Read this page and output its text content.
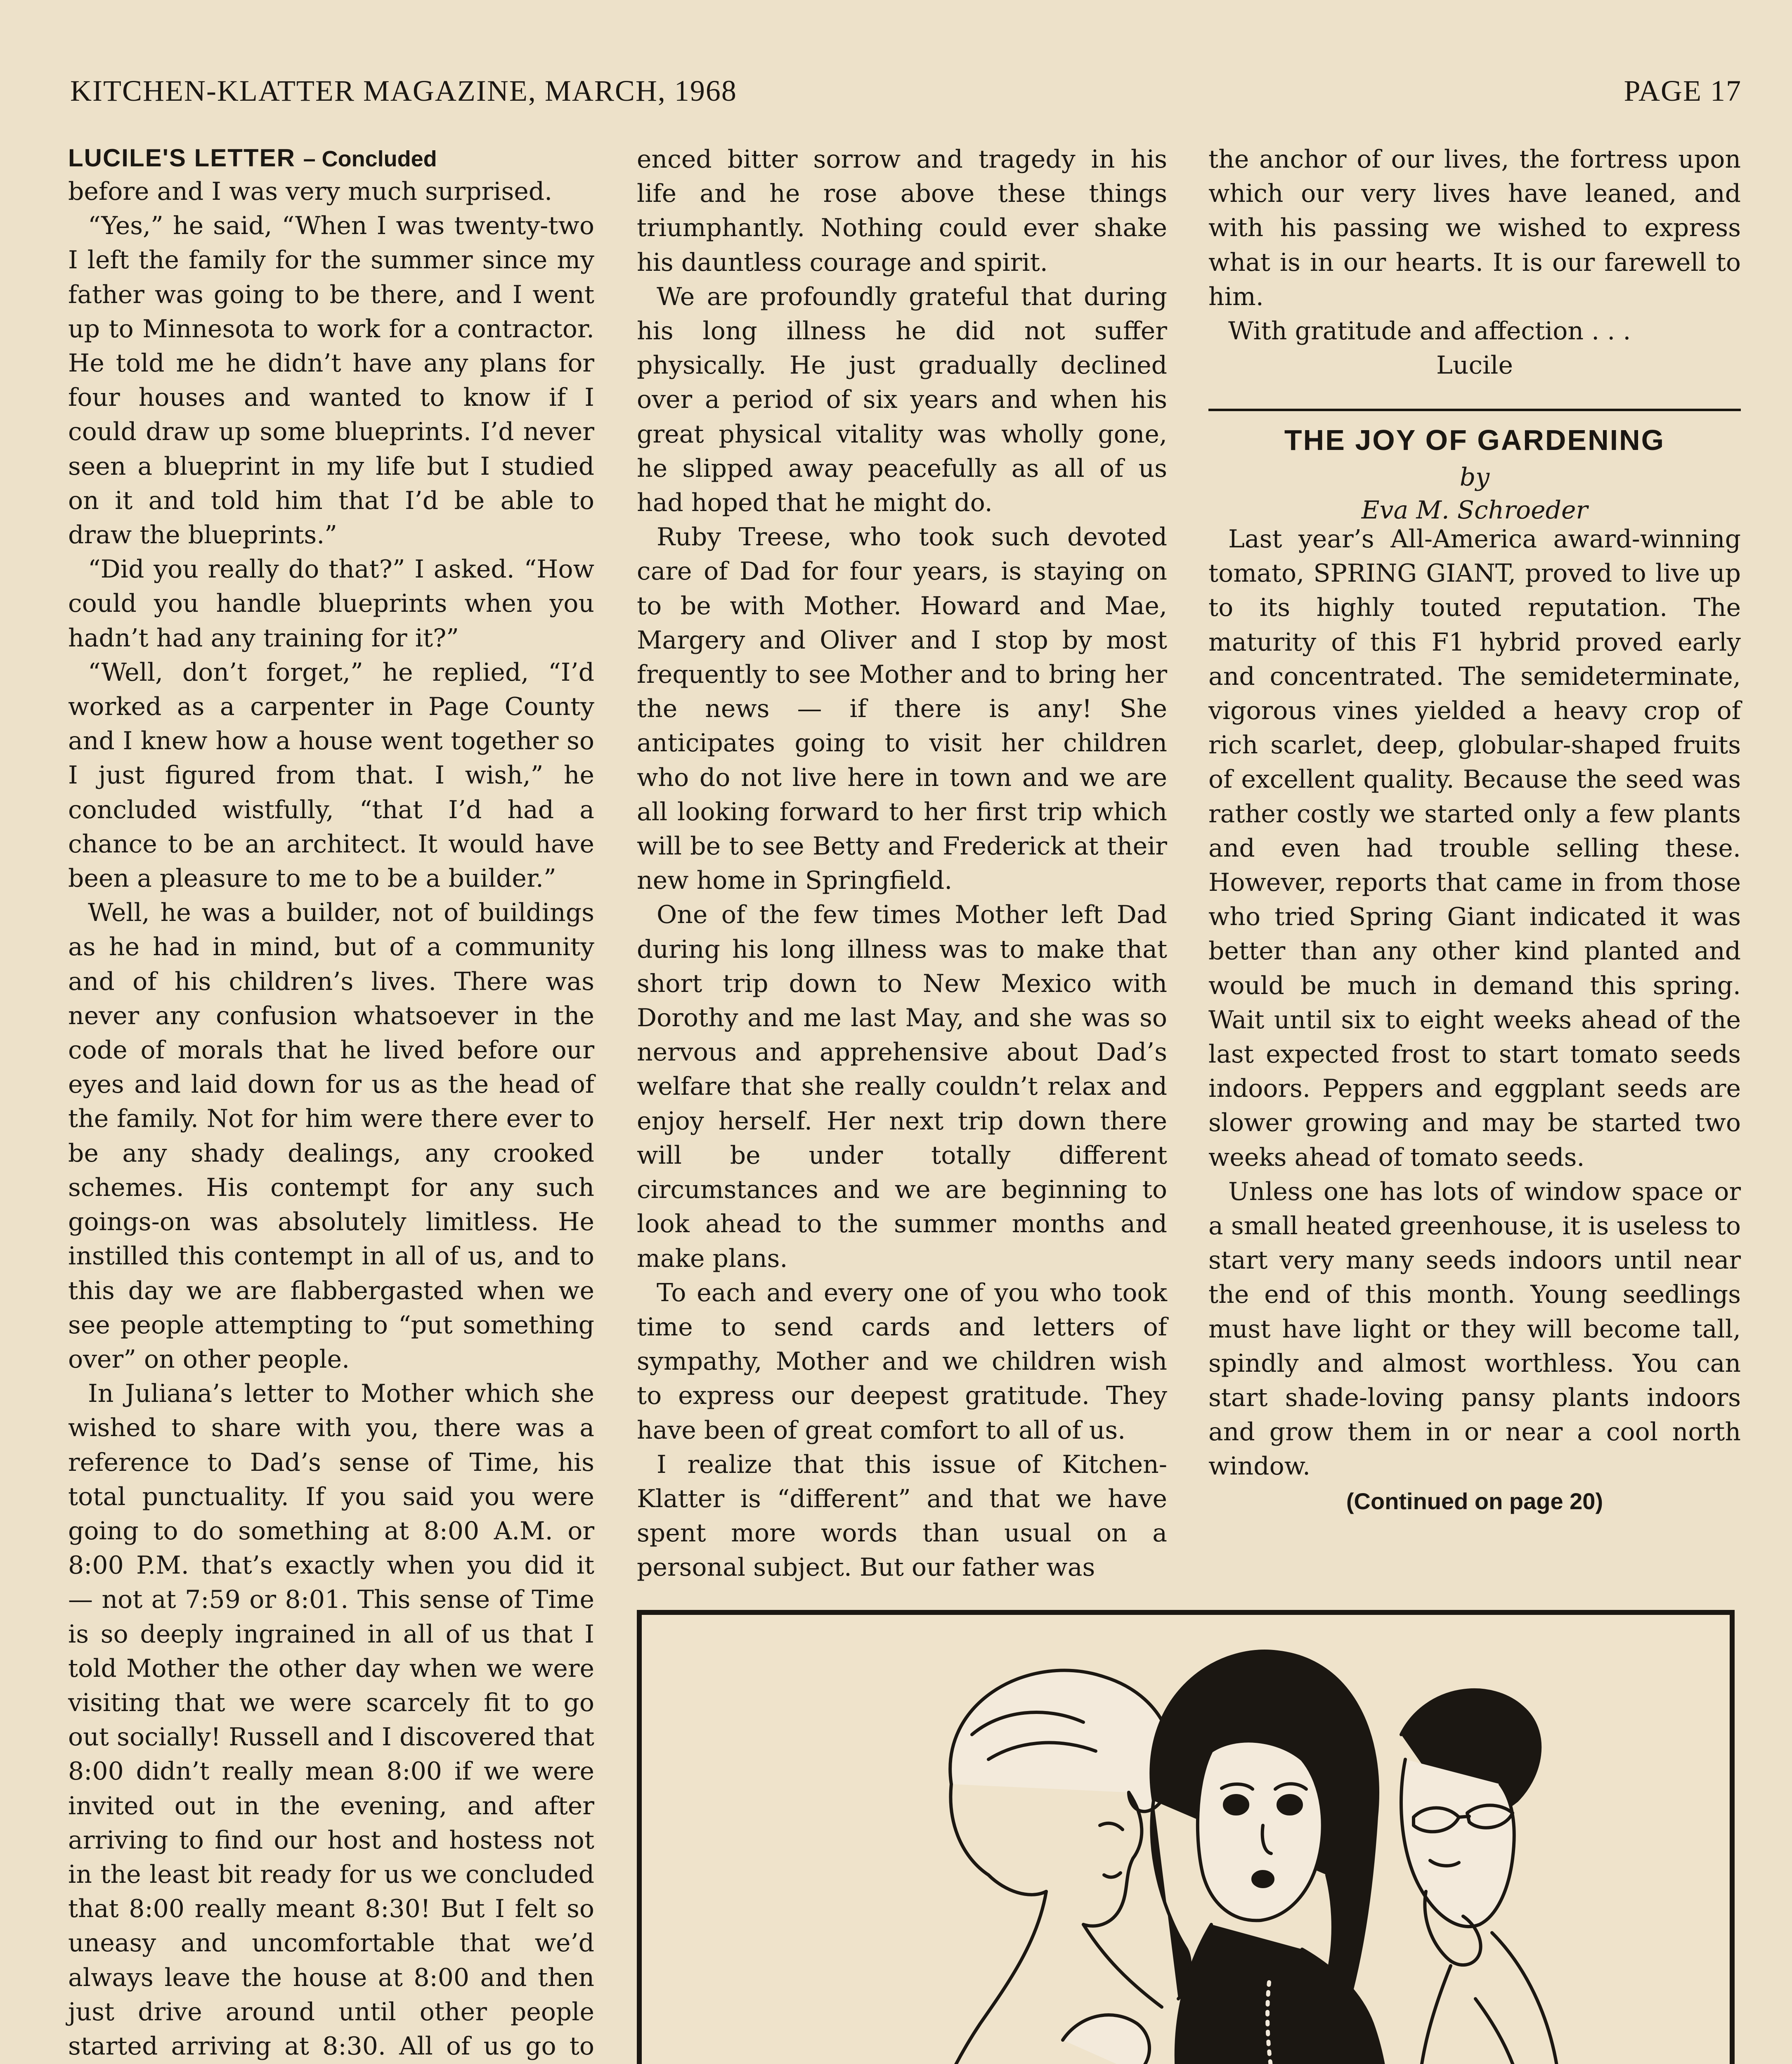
KITCHEN-KLATTER MAGAZINE, MARCH, 1968	PAGE 17
LUCILE'S LETTER – Concluded

before and I was very much surprised.

“Yes,” he said, “When I was twenty-two I left the family for the summer since my father was going to be there, and I went up to Minnesota to work for a contractor. He told me he didn’t have any plans for four houses and wanted to know if I could draw up some blueprints. I’d never seen a blueprint in my life but I studied on it and told him that I’d be able to draw the blueprints.”

“Did you really do that?” I asked. “How could you handle blueprints when you hadn’t had any training for it?”

“Well, don’t forget,” he replied, “I’d worked as a carpenter in Page County and I knew how a house went together so I just figured from that. I wish,” he concluded wistfully, “that I’d had a chance to be an architect. It would have been a pleasure to me to be a builder.”

Well, he was a builder, not of buildings as he had in mind, but of a community and of his children’s lives. There was never any confusion whatsoever in the code of morals that he lived before our eyes and laid down for us as the head of the family. Not for him were there ever to be any shady dealings, any crooked schemes. His contempt for any such goings-on was absolutely limitless. He instilled this contempt in all of us, and to this day we are flabbergasted when we see people attempting to “put something over” on other people.

In Juliana’s letter to Mother which she wished to share with you, there was a reference to Dad’s sense of Time, his total punctuality. If you said you were going to do something at 8:00 A.M. or 8:00 P.M. that’s exactly when you did it — not at 7:59 or 8:01. This sense of Time is so deeply ingrained in all of us that I told Mother the other day when we were visiting that we were scarcely fit to go out socially! Russell and I discovered that 8:00 didn’t really mean 8:00 if we were invited out in the evening, and after arriving to find our host and hostess not in the least bit ready for us we concluded that 8:00 really meant 8:30! But I felt so uneasy and uncomfortable that we’d always leave the house at 8:00 and then just drive around until other people started arriving at 8:30. All of us go to

enced bitter sorrow and tragedy in his life and he rose above these things triumphantly. Nothing could ever shake his dauntless courage and spirit.

We are profoundly grateful that during his long illness he did not suffer physically. He just gradually declined over a period of six years and when his great physical vitality was wholly gone, he slipped away peacefully as all of us had hoped that he might do.

Ruby Treese, who took such devoted care of Dad for four years, is staying on to be with Mother. Howard and Mae, Margery and Oliver and I stop by most frequently to see Mother and to bring her the news — if there is any! She anticipates going to visit her children who do not live here in town and we are all looking forward to her first trip which will be to see Betty and Frederick at their new home in Springfield.

One of the few times Mother left Dad during his long illness was to make that short trip down to New Mexico with Dorothy and me last May, and she was so nervous and apprehensive about Dad’s welfare that she really couldn’t relax and enjoy herself. Her next trip down there will be under totally different circumstances and we are beginning to look ahead to the summer months and make plans.

To each and every one of you who took time to send cards and letters of sympathy, Mother and we children wish to express our deepest gratitude. They have been of great comfort to all of us.

I realize that this issue of Kitchen-Klatter is “different” and that we have spent more words than usual on a personal subject. But our father was

the anchor of our lives, the fortress upon which our very lives have leaned, and with his passing we wished to express what is in our hearts. It is our farewell to him.

With gratitude and affection . . .

Lucile

THE JOY OF GARDENING
by
Eva M. Schroeder

Last year’s All-America award-winning tomato, SPRING GIANT, proved to live up to its highly touted reputation. The maturity of this F1 hybrid proved early and concentrated. The semideterminate, vigorous vines yielded a heavy crop of rich scarlet, deep, globular-shaped fruits of excellent quality. Because the seed was rather costly we started only a few plants and even had trouble selling these. However, reports that came in from those who tried Spring Giant indicated it was better than any other kind planted and would be much in demand this spring. Wait until six to eight weeks ahead of the last expected frost to start tomato seeds indoors. Peppers and eggplant seeds are slower growing and may be started two weeks ahead of tomato seeds.

Unless one has lots of window space or a small heated greenhouse, it is useless to start very many seeds indoors until near the end of this month. Young seedlings must have light or they will become tall, spindly and almost worthless. You can start shade-loving pansy plants indoors and grow them in or near a cool north window.

(Continued on page 20)
